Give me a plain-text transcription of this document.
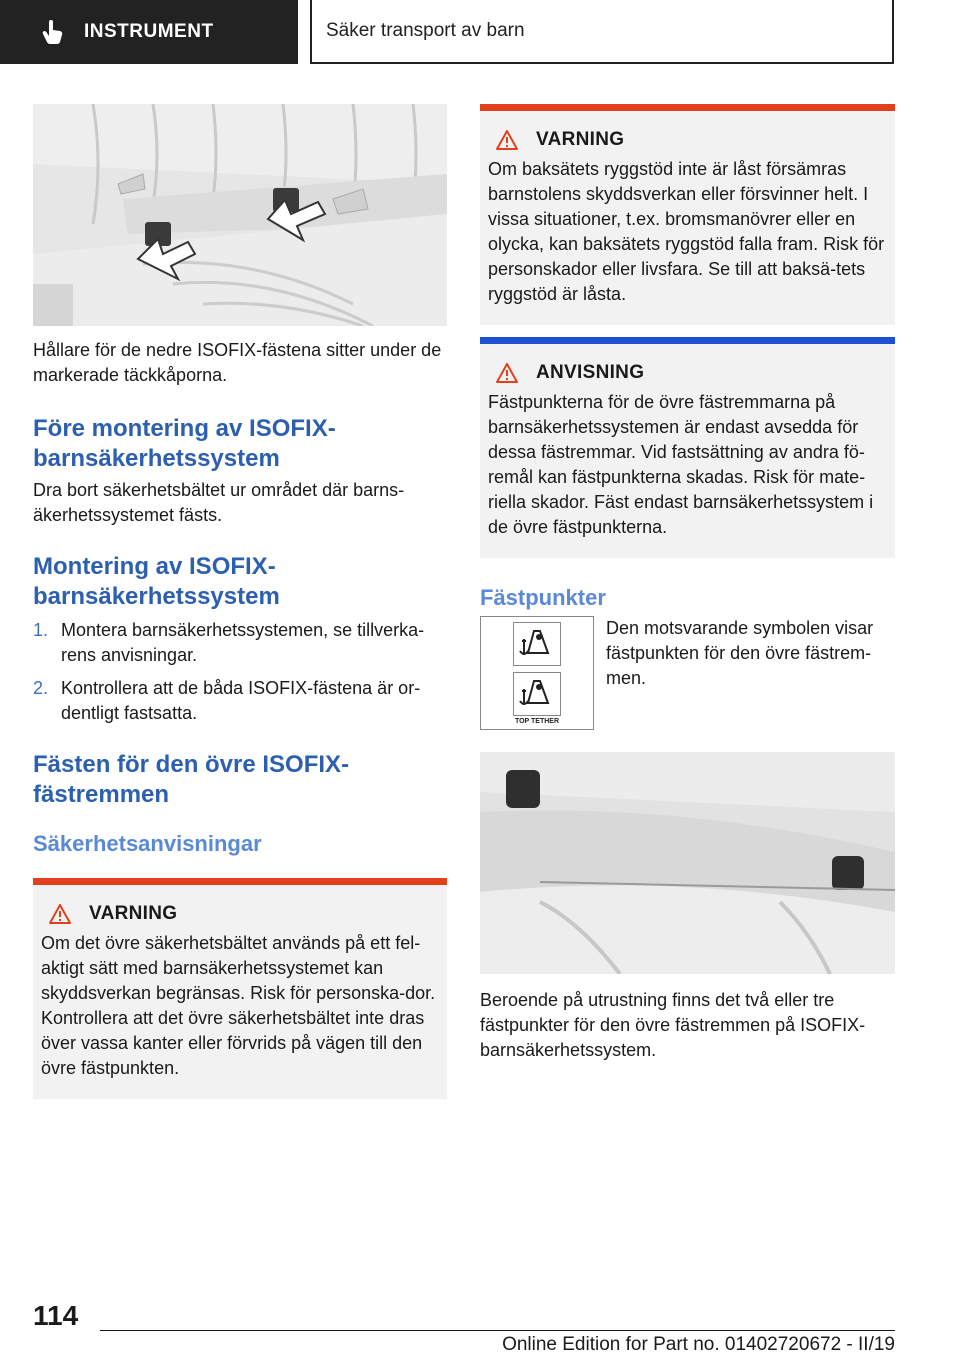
INSTRUMENT	Säker transport av barn

Hållare för de nedre ISOFIX-fästena sitter under de markerade täckkåporna.

Före montering av ISOFIX-barnsäkerhetssystem

Dra bort säkerhetsbältet ur området där barns-äkerhetssystemet fästs.

Montering av ISOFIX-barnsäkerhetssystem
1. Montera barnsäkerhetssystemen, se tillverka-rens anvisningar.
2. Kontrollera att de båda ISOFIX-fästena är or-dentligt fastsatta.
Fästen för den övre ISOFIX-fästremmen
Säkerhetsanvisningar
VARNING

Om det övre säkerhetsbältet används på ett fel-aktigt sätt med barnsäkerhetssystemet kan skyddsverkan begränsas. Risk för personska-dor. Kontrollera att det övre säkerhetsbältet inte dras över vassa kanter eller förvrids på vägen till den övre fästpunkten.

VARNING

Om baksätets ryggstöd inte är låst försämras barnstolens skyddsverkan eller försvinner helt. I vissa situationer, t.ex. bromsmanövrer eller en olycka, kan baksätets ryggstöd falla fram. Risk för personskador eller livsfara. Se till att baksä-tets ryggstöd är låsta.

ANVISNING

Fästpunkterna för de övre fästremmarna på barnsäkerhetssystemen är endast avsedda för dessa fästremmar. Vid fastsättning av andra fö-remål kan fästpunkterna skadas. Risk för mate-riella skador. Fäst endast barnsäkerhetssystem i de övre fästpunkterna.

Fästpunkter
TOP TETHER

Den motsvarande symbolen visar fästpunkten för den övre fästrem-men.

Beroende på utrustning finns det två eller tre fästpunkter för den övre fästremmen på ISOFIX-barnsäkerhetssystem.

114
Online Edition for Part no. 01402720672 - II/19
